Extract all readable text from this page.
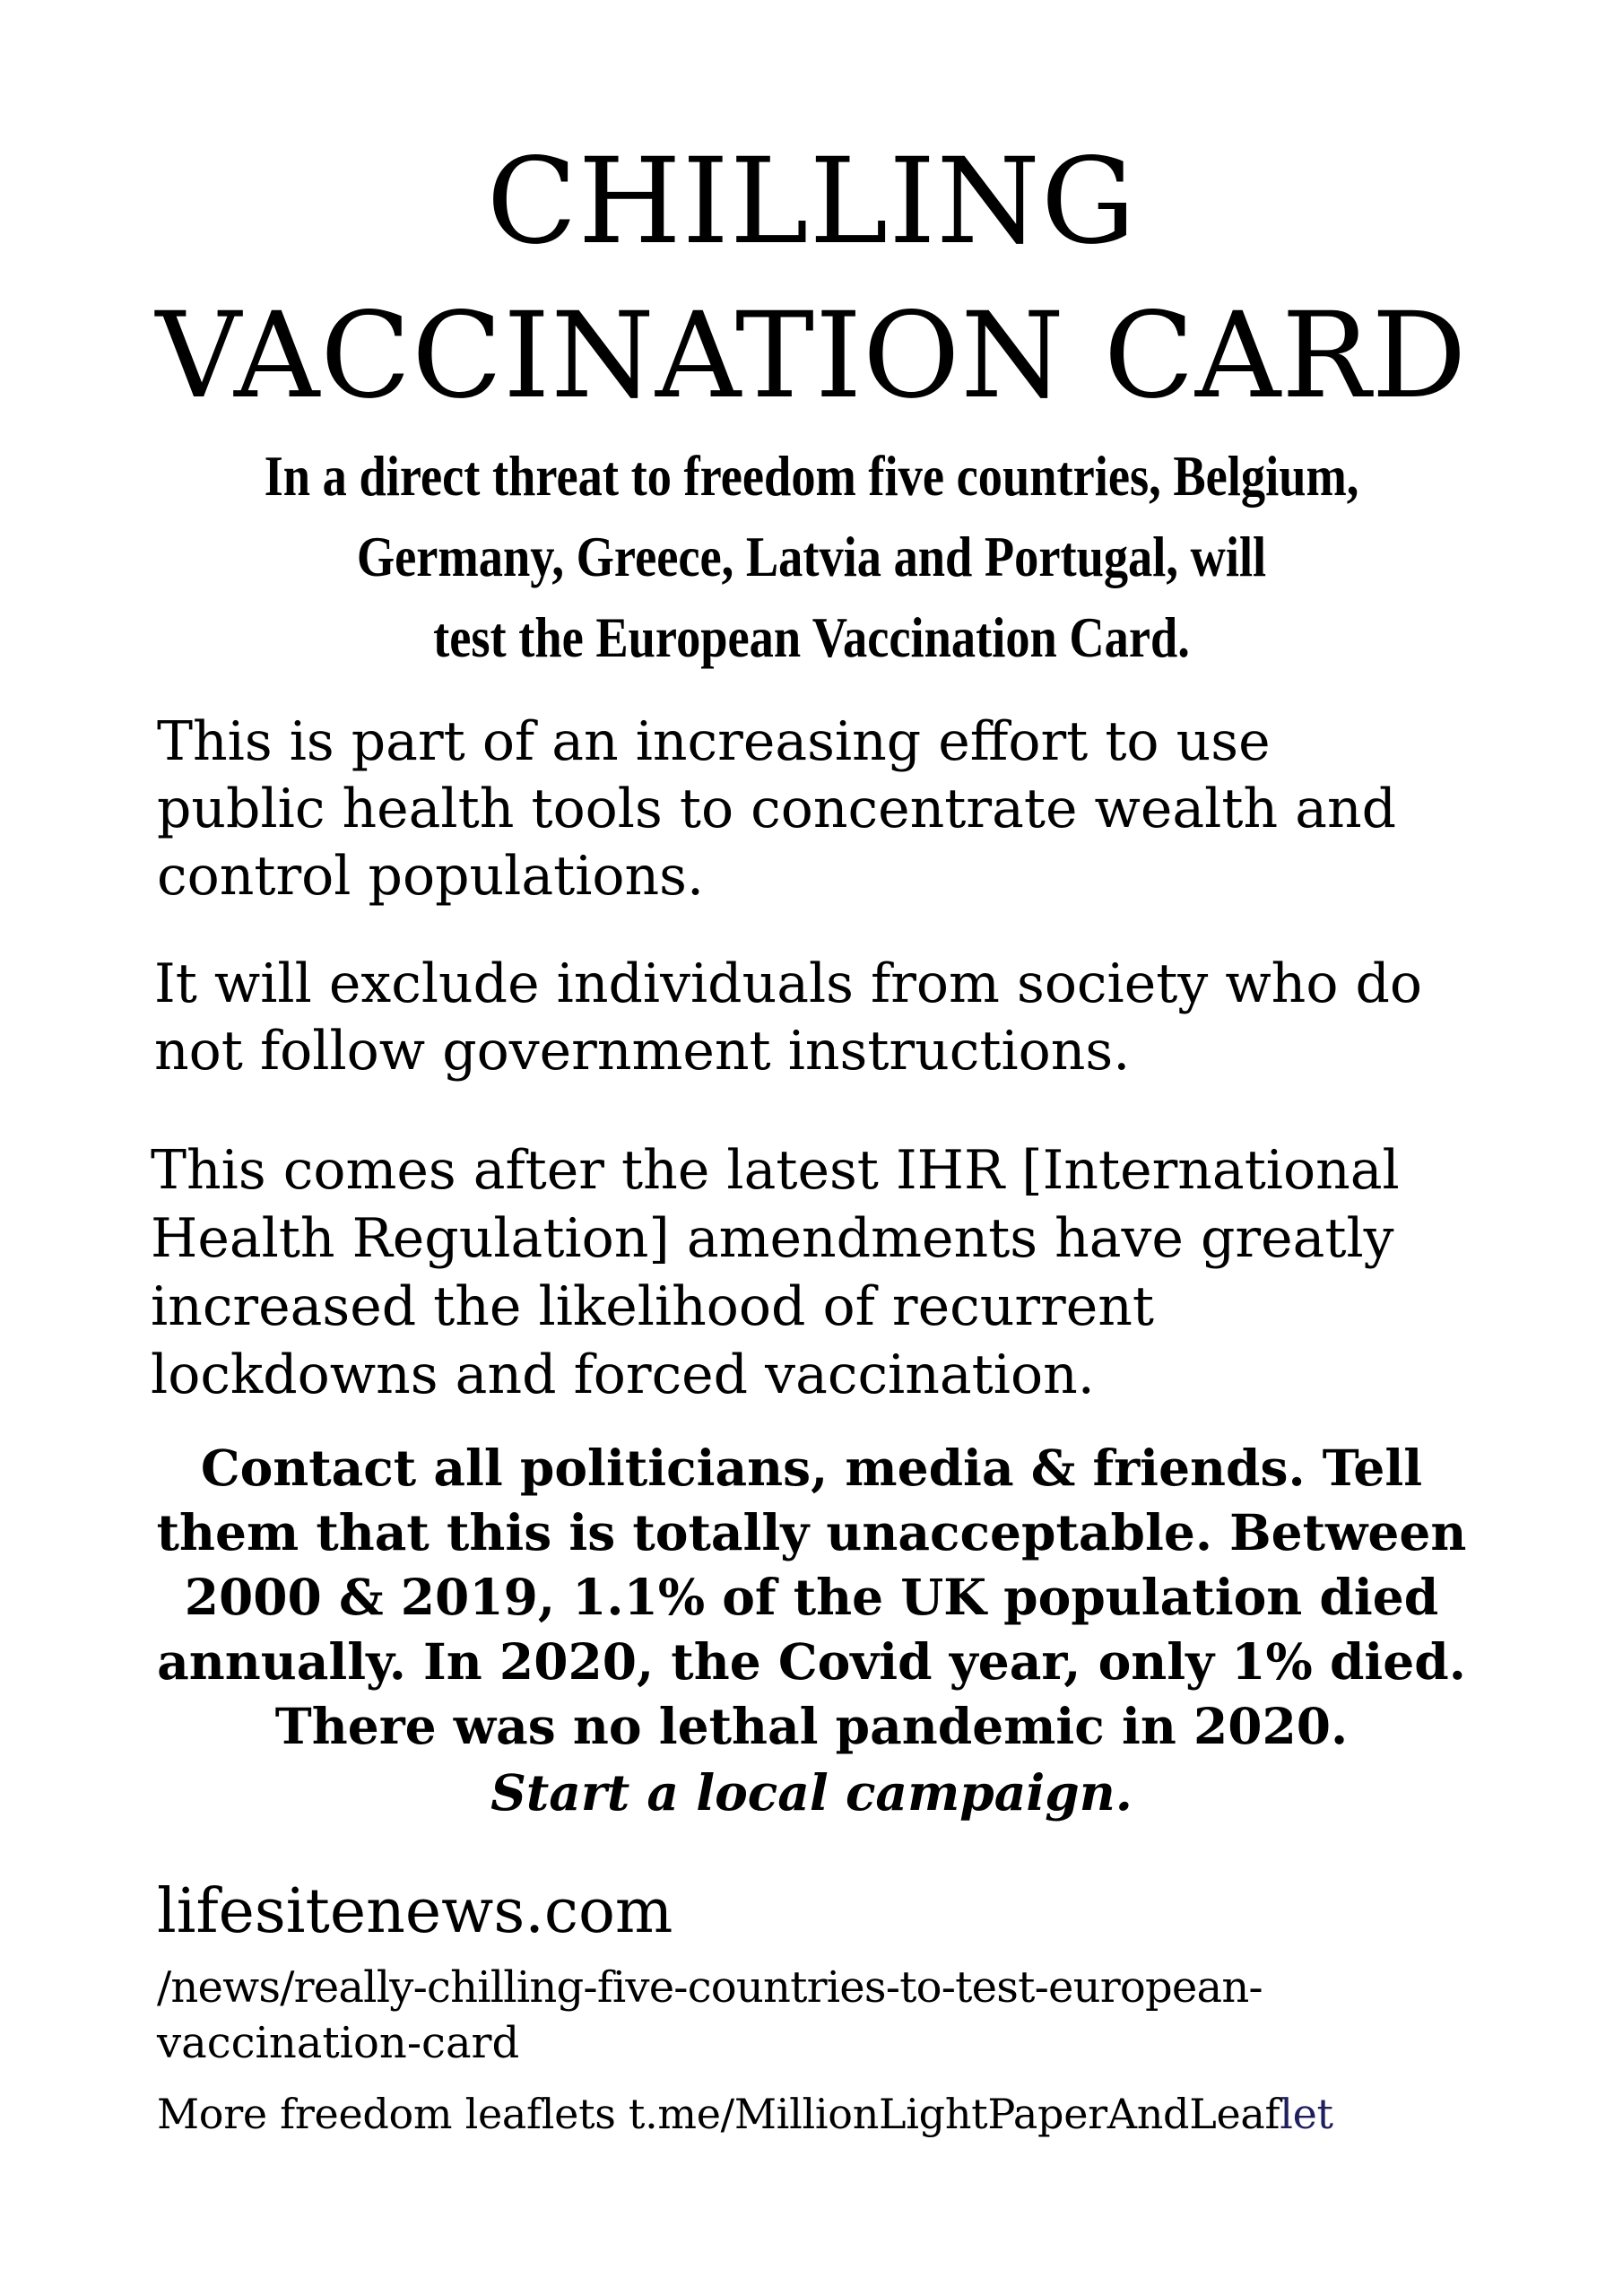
CHILLING
VACCINATION CARD
In a direct threat to freedom five countries, Belgium,
Germany, Greece, Latvia and Portugal, will
test the European Vaccination Card.
This is part of an increasing effort to use
public health tools to concentrate wealth and
control populations.
It will exclude individuals from society who do
not follow government instructions.
This comes after the latest IHR [International
Health Regulation] amendments have greatly
increased the likelihood of recurrent
lockdowns and forced vaccination.
Contact all politicians, media & friends. Tell
them that this is totally unacceptable. Between
2000 & 2019, 1.1% of the UK population died
annually. In 2020, the Covid year, only 1% died.
There was no lethal pandemic in 2020.
Start a local campaign.
lifesitenews.com
/news/really-chilling-five-countries-to-test-european-
vaccination-card
More freedom leaflets t.me/MillionLightPaperAndLeaflet
